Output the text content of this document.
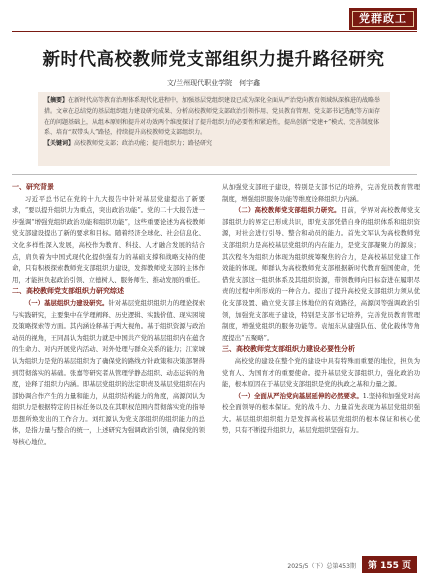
党群政工
新时代高校教师党支部组织力提升路径研究
文/兰州现代职业学院　何宇鑫
【摘要】在新时代高等教育治理体系现代化进程中，加强基层党组织建设已成为深化全面从严治党向教育领域纵深推进的战略举措。文章在总结党的基层组织组力建设研究成果、分析高校教师党支部政治引领作用、党员教育管理、党支部书记选配等方面存在的问题基础上，从组本原则和提升对功效两个维度探讨了提升组织力的必要性和紧迫性，提出创新“党建+”模式、完善制度体系、培育“双带头人”路径，持续提升高校教师党支部组织力。
【关键词】高校教师党支部；政治功能；提升组织力；路径研究

一、研究背景

习近平总书记在党的十九大报告中针对基层党建提出了新要求，“要以提升组织力为重点，突出政治功能”。党的二十大报告进一步强调“增强党组织政治功能和组织功能”，这些重要论述为高校教师党支部建设提出了新的要求和目标。随着经济全球化、社会信息化、文化多样性深入发展，高校作为教育、科技、人才融合发展的结合点，肩负着为中国式现代化提供强有力的基础支撑和战略支持的使命，只有积极探索教师党支部组织力建设，发挥教师党支部的主体作用，才能担负起政治引领、立德树人、服务师生、推动发展的重任。

二、高校教师党支部组织力研究综述

（一）基层组织力建设研究。针对基层党组织组织力的理论探索与实践研究，主要集中在学理阐释、历史逻辑、实践价值、现实困境及策略探索等方面。其内涵诠释基于两大视角。基于组织资源与政治动员的视角，王同昌认为组织力就是中国共产党的基层组织内在蕴含的生命力、对内开展党内活动、对外处理与群众关系的能力；江家城认为组织力是党的基层组织为了确保党的路线方针政策和决策部署得到贯彻落实的基础。张嘉等研究者从管理学静态组织、动态运转的角度，诠释了组织力内涵。即基层党组织的法定职责及基层党组织在内部协调合作产生的力量和能力，从组织结构能力的角度，高源闵认为组织力是根据特定的目标任务以及在其职权范围内贯彻落实党的指导思想所焕发出的工作合力。刘红源认为党支部组织的组织能力的总体，是指力量与整合的统一，上述研究为强调政治引领，确保党的领导核心地位。

从加强党支部班子建设，特别是支部书记的培养，完善党员教育管理制度，增强组织服务功能等维度诠释组织力内涵。

（二）高校教师党支部组织力研究。目前，学界对高校教师党支部组织力的界定已形成共识，即党支部凭借自身的组织体系和组织资源，对社会进行引导、整合和动员的能力。首先文军认为高校教师党支部组织力是高校基层党组织的内在能力，是党支部凝聚力的源泉；其次程冬为组织力体现为组织统筹聚焦的合力，是高校基层党建工作效能的体现。师群认为高校教师党支部根据新时代教育强国使命，凭借党支部这一组织体系及其组织资源，带领教师向目标奋进在履职尽责的过程中所形成的一种合力。提出了提升高校党支部组织力须从优化支部设置、确立党支部主体地位的有效路径，高源闵等强调政治引领，加强党支部班子建设，特别是支部书记培养，完善党员教育管理制度，增强党组织的服务功能等。袁旭东从建强队伍、优化载体等角度提出“五聚略”。

三、高校教师党支部组织力建设必要性分析

高校党的建设在整个党的建设中具有特殊而重要的地位，担负为党育人、为国育才的重要使命。提升基层党支部组织力，强化政治功能，根本原因在于基层党支部组织是党的执政之基和力量之源。

（一）全面从严治党向基层延伸的必然要求。1.坚持和加强党对高校全面领导的根本保证。党的战斗力、力量首先表现为基层党组织强大。基层组织组织组力是发挥高校基层党组织的根本保证和核心优势，只有不断提升组织力，基层党组织坚强有力。

2025/5（下）总第453期 第 155 页
